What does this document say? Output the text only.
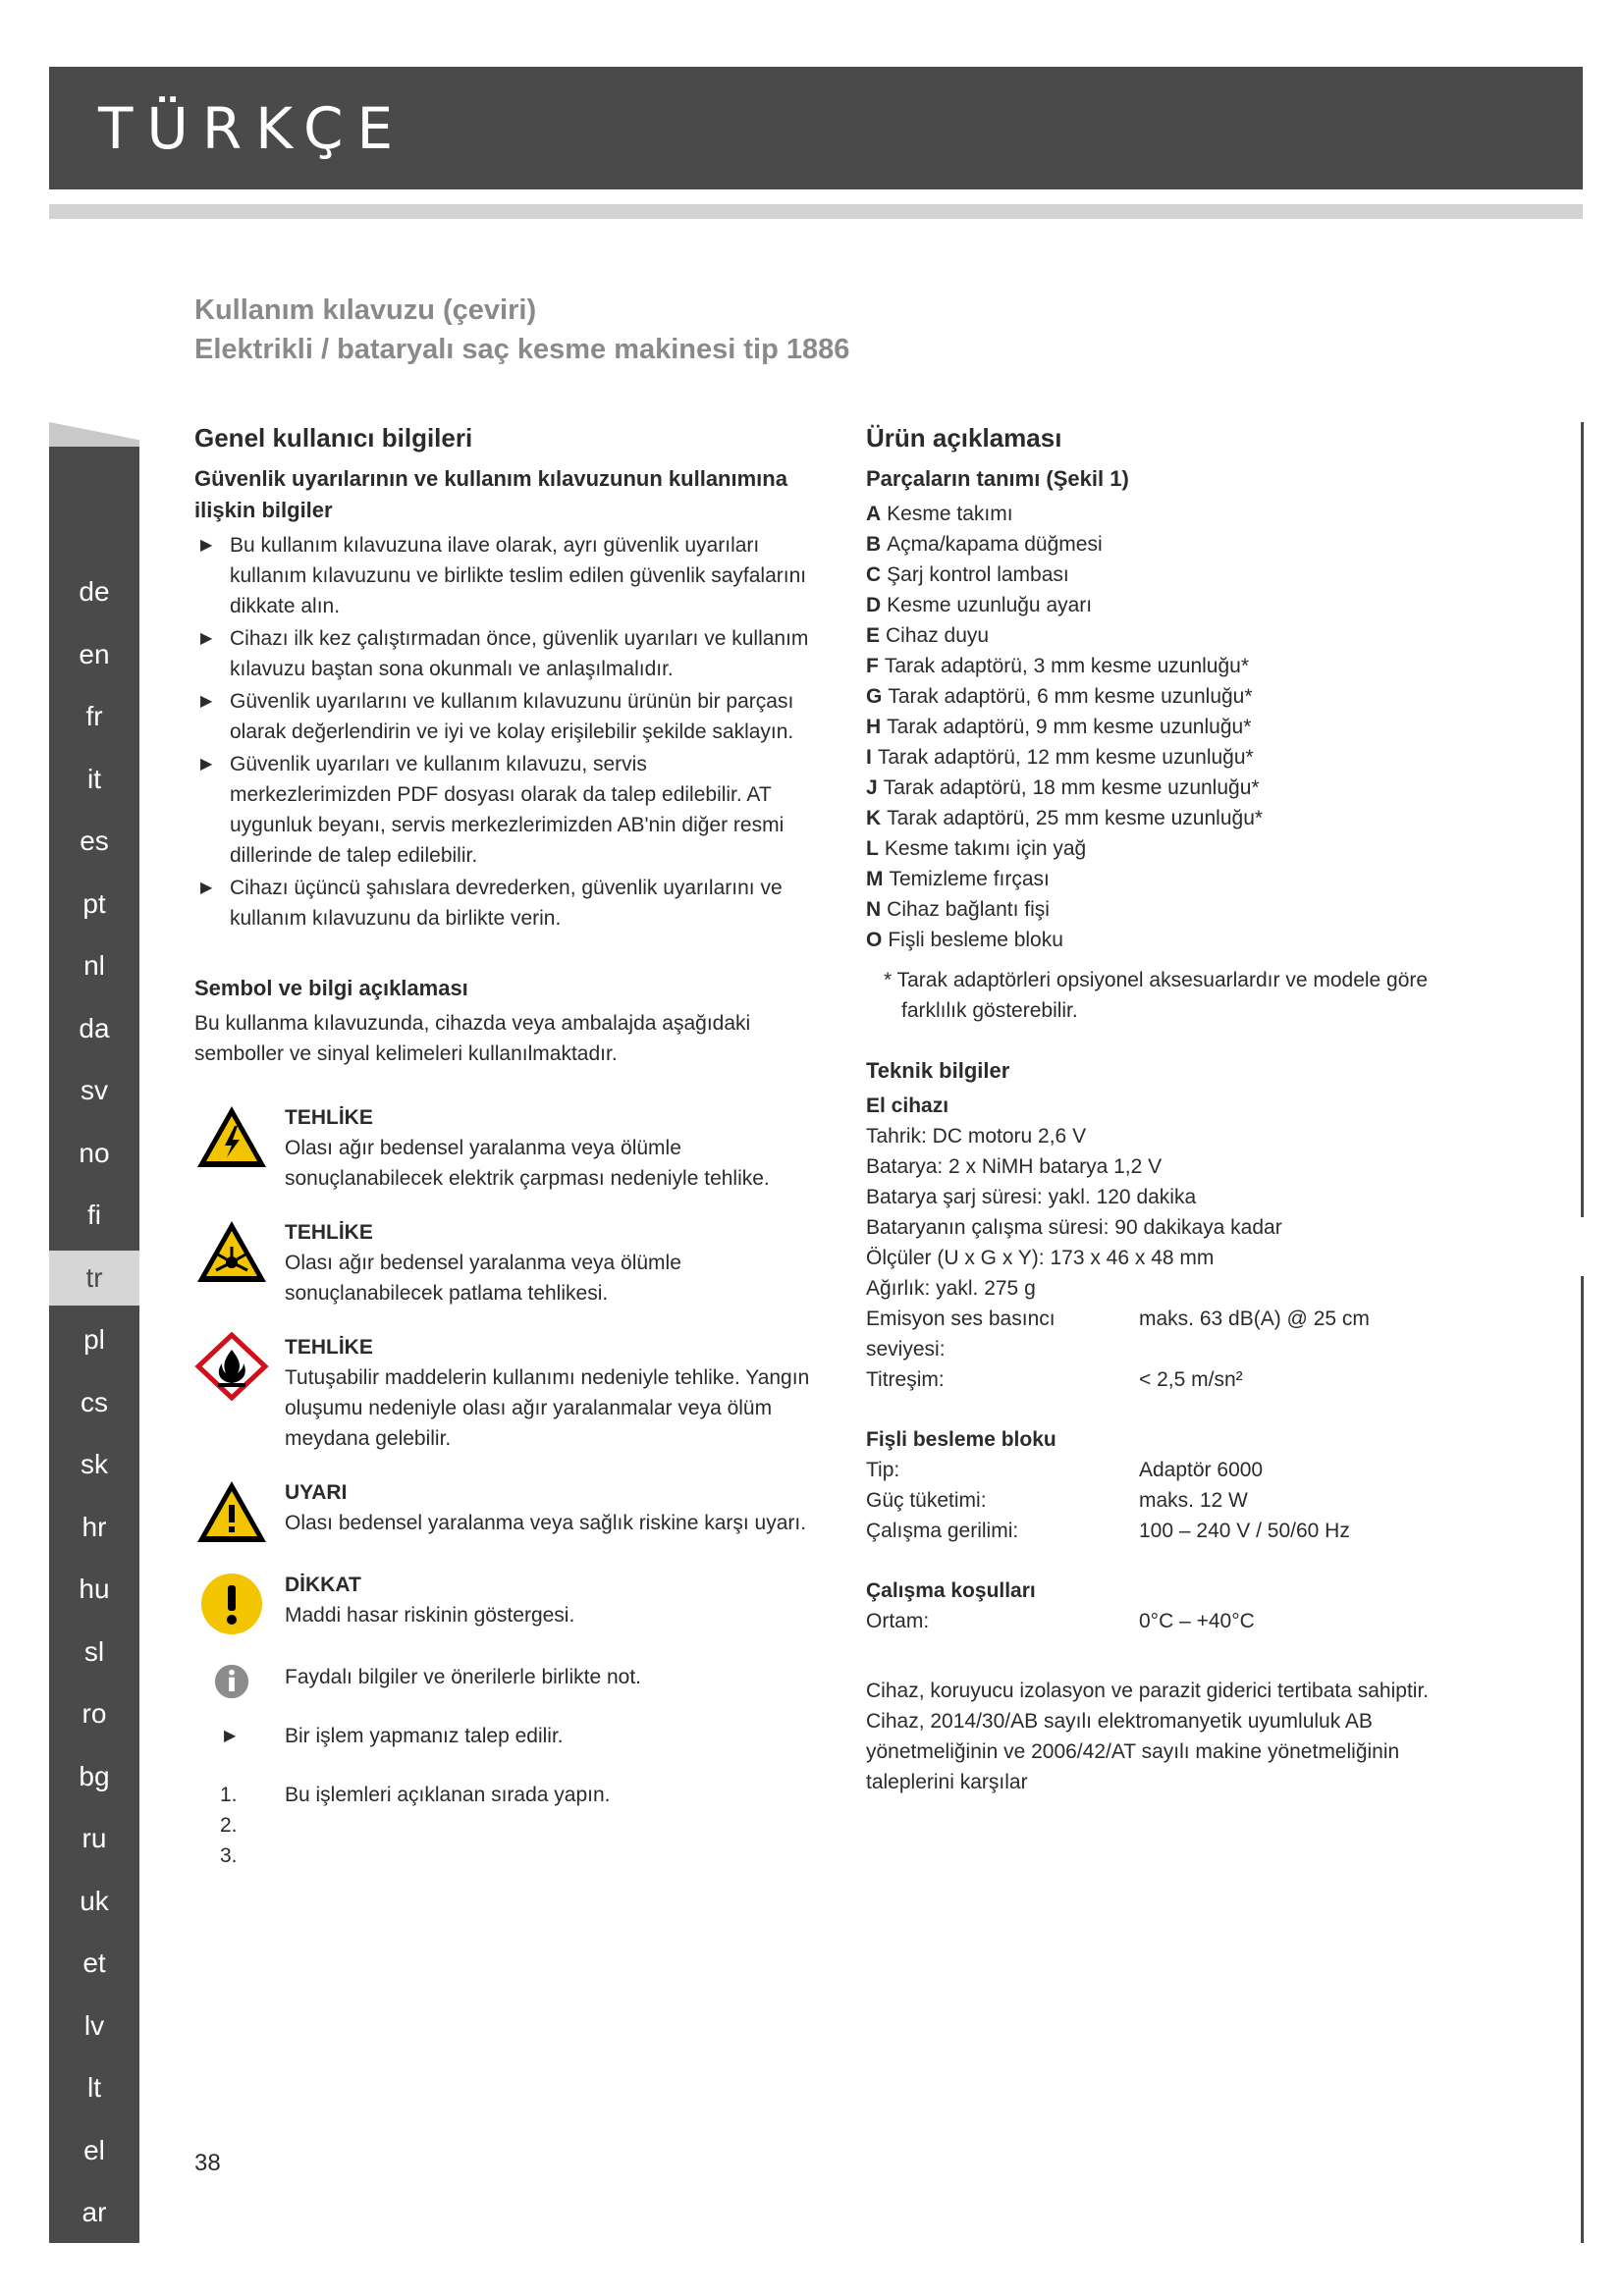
TÜRKÇE
Kullanım kılavuzu (çeviri)
Elektrikli / bataryalı saç kesme makinesi tip 1886
de
en
fr
it
es
pt
nl
da
sv
no
fi
tr
pl
cs
sk
hr
hu
sl
ro
bg
ru
uk
et
lv
lt
el
ar
Genel kullanıcı bilgileri
Güvenlik uyarılarının ve kullanım kılavuzunun kullanımına ilişkin bilgiler
▶ Bu kullanım kılavuzuna ilave olarak, ayrı güvenlik uyarıları kullanım kılavuzunu ve birlikte teslim edilen güvenlik sayfalarını dikkate alın.
▶ Cihazı ilk kez çalıştırmadan önce, güvenlik uyarıları ve kullanım kılavuzu baştan sona okunmalı ve anlaşılmalıdır.
▶ Güvenlik uyarılarını ve kullanım kılavuzunu ürünün bir parçası olarak değerlendirin ve iyi ve kolay erişilebilir şekilde saklayın.
▶ Güvenlik uyarıları ve kullanım kılavuzu, servis merkezlerimizden PDF dosyası olarak da talep edilebilir. AT uygunluk beyanı, servis merkezlerimizden AB'nin diğer resmi dillerinde de talep edilebilir.
▶ Cihazı üçüncü şahıslara devrederken, güvenlik uyarılarını ve kullanım kılavuzunu da birlikte verin.
Sembol ve bilgi açıklaması

Bu kullanma kılavuzunda, cihazda veya ambalajda aşağıdaki semboller ve sinyal kelimeleri kullanılmaktadır.

TEHLİKE
Olası ağır bedensel yaralanma veya ölümle sonuçlanabilecek elektrik çarpması nedeniyle tehlike.
TEHLİKE
Olası ağır bedensel yaralanma veya ölümle sonuçlanabilecek patlama tehlikesi.
TEHLİKE
Tutuşabilir maddelerin kullanımı nedeniyle tehlike. Yangın oluşumu nedeniyle olası ağır yaralanmalar veya ölüm meydana gelebilir.
UYARI
Olası bedensel yaralanma veya sağlık riskine karşı uyarı.
DİKKAT
Maddi hasar riskinin göstergesi.
Faydalı bilgiler ve önerilerle birlikte not.
▶ Bir işlem yapmanız talep edilir.
1.
2.
3.
Bu işlemleri açıklanan sırada yapın.
Ürün açıklaması
Parçaların tanımı (Şekil 1)
A Kesme takımı
B Açma/kapama düğmesi
C Şarj kontrol lambası
D Kesme uzunluğu ayarı
E Cihaz duyu
F Tarak adaptörü, 3 mm kesme uzunluğu*
G Tarak adaptörü, 6 mm kesme uzunluğu*
H Tarak adaptörü, 9 mm kesme uzunluğu*
I Tarak adaptörü, 12 mm kesme uzunluğu*
J Tarak adaptörü, 18 mm kesme uzunluğu*
K Tarak adaptörü, 25 mm kesme uzunluğu*
L Kesme takımı için yağ
M Temizleme fırçası
N Cihaz bağlantı fişi
O Fişli besleme bloku

* Tarak adaptörleri opsiyonel aksesuarlardır ve modele göre farklılık gösterebilir.

Teknik bilgiler
El cihazı
Tahrik: DC motoru 2,6 V
Batarya: 2 x NiMH batarya 1,2 V
Batarya şarj süresi: yakl. 120 dakika
Bataryanın çalışma süresi: 90 dakikaya kadar
Ölçüler (U x G x Y): 173 x 46 x 48 mm
Ağırlık: yakl. 275 g
Emisyon ses basıncı seviyesi:
maks. 63 dB(A) @ 25 cm
Titreşim:	< 2,5 m/sn²
Fişli besleme bloku
Tip:	Adaptör 6000
Güç tüketimi:	maks. 12 W
Çalışma gerilimi:	100 – 240 V / 50/60 Hz
Çalışma koşulları
Ortam:	0°C – +40°C

Cihaz, koruyucu izolasyon ve parazit giderici tertibata sahiptir.

Cihaz, 2014/30/AB sayılı elektromanyetik uyumluluk AB yönetmeliğinin ve 2006/42/AT sayılı makine yönetmeliğinin taleplerini karşılar

38
